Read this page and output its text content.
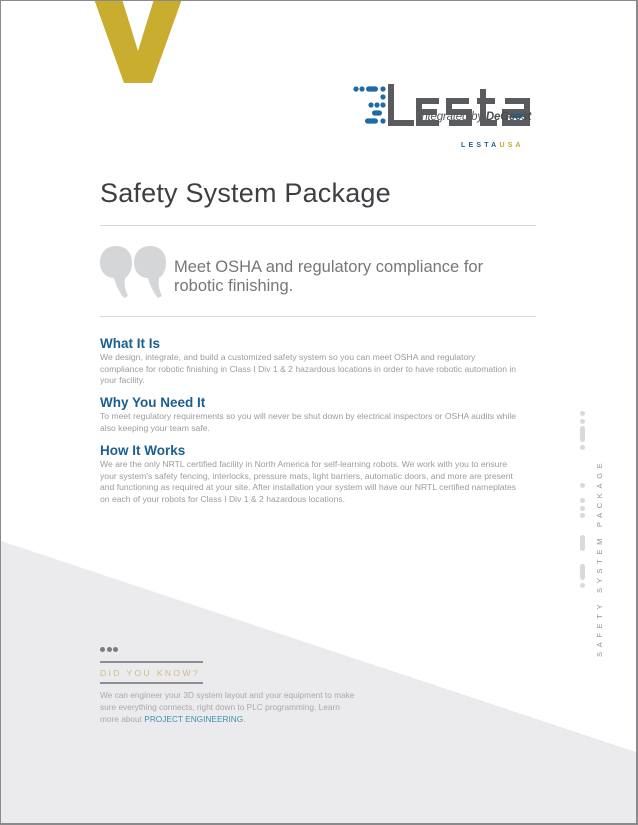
integrated by DeGeest
LESTAUSA
Safety System Package
Meet OSHA and regulatory compliance for robotic finishing.
What It Is

We design, integrate, and build a customized safety system so you can meet OSHA and regulatory compliance for robotic finishing in Class I Div 1 & 2 hazardous locations in order to have robotic automation in your facility.

Why You Need It

To meet regulatory requirements so you will never be shut down by electrical inspectors or OSHA audits while also keeping your team safe.

How It Works

We are the only NRTL certified facility in North America for self-learning robots. We work with you to ensure your system's safety fencing, interlocks, pressure mats, light barriers, automatic doors, and more are present and functioning as required at your site. After installation your system will have our NRTL certified nameplates on each of your robots for Class I Div 1 & 2 hazardous locations.	SAFETY SYSTEM PACKAGE
DID YOU KNOW?
We can engineer your 3D system layout and your equipment to make sure everything connects, right down to PLC programming. Learn more about PROJECT ENGINEERING.
